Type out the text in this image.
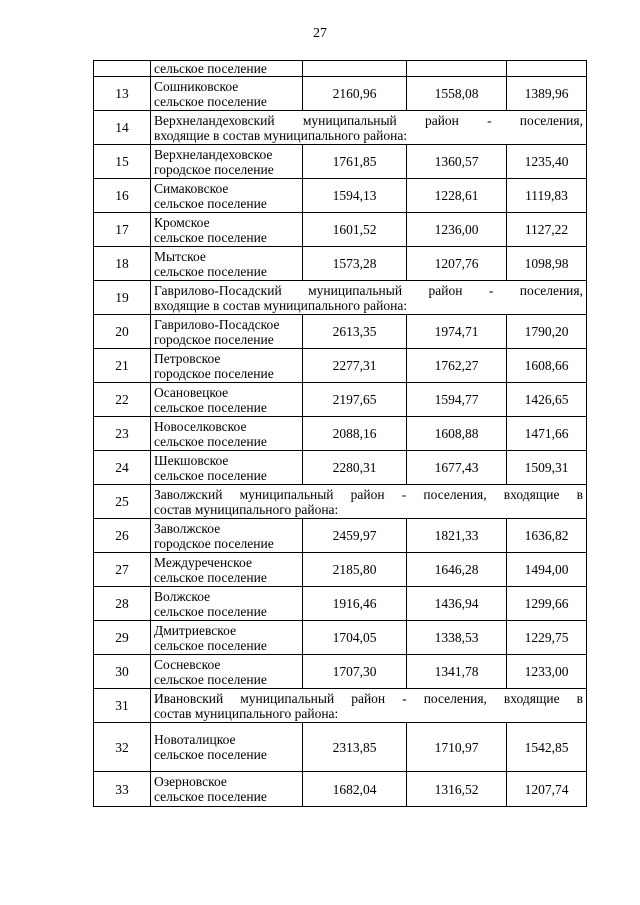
27
	сельское поселение			
13	Сошниковское
сельское поселение	2160,96	1558,08	1389,96
14	Верхнеландеховский муниципальный район - поселения,
входящие в состав муниципального района:			

15	Верхнеландеховское
городское поселение	1761,85	1360,57	1235,40
16	Симаковское
сельское поселение	1594,13	1228,61	1119,83
17	Кромское
сельское поселение	1601,52	1236,00	1127,22
18	Мытское
сельское поселение	1573,28	1207,76	1098,98
19	Гаврилово-Посадский муниципальный район - поселения,
входящие в состав муниципального района:			

20	Гаврилово-Посадское
городское поселение	2613,35	1974,71	1790,20
21	Петровское
городское поселение	2277,31	1762,27	1608,66
22	Осановецкое
сельское поселение	2197,65	1594,77	1426,65
23	Новоселковское
сельское поселение	2088,16	1608,88	1471,66
24	Шекшовское
сельское поселение	2280,31	1677,43	1509,31
25	Заволжский муниципальный район - поселения, входящие в
состав муниципального района:			

26	Заволжское
городское поселение	2459,97	1821,33	1636,82
27	Междуреченское
сельское поселение	2185,80	1646,28	1494,00
28	Волжское
сельское поселение	1916,46	1436,94	1299,66
29	Дмитриевское
сельское поселение	1704,05	1338,53	1229,75
30	Сосневское
сельское поселение	1707,30	1341,78	1233,00
31	Ивановский муниципальный район - поселения, входящие в
состав муниципального района:			

32	Новоталицкое
сельское поселение	2313,85	1710,97	1542,85
33	Озерновское
сельское поселение	1682,04	1316,52	1207,74
